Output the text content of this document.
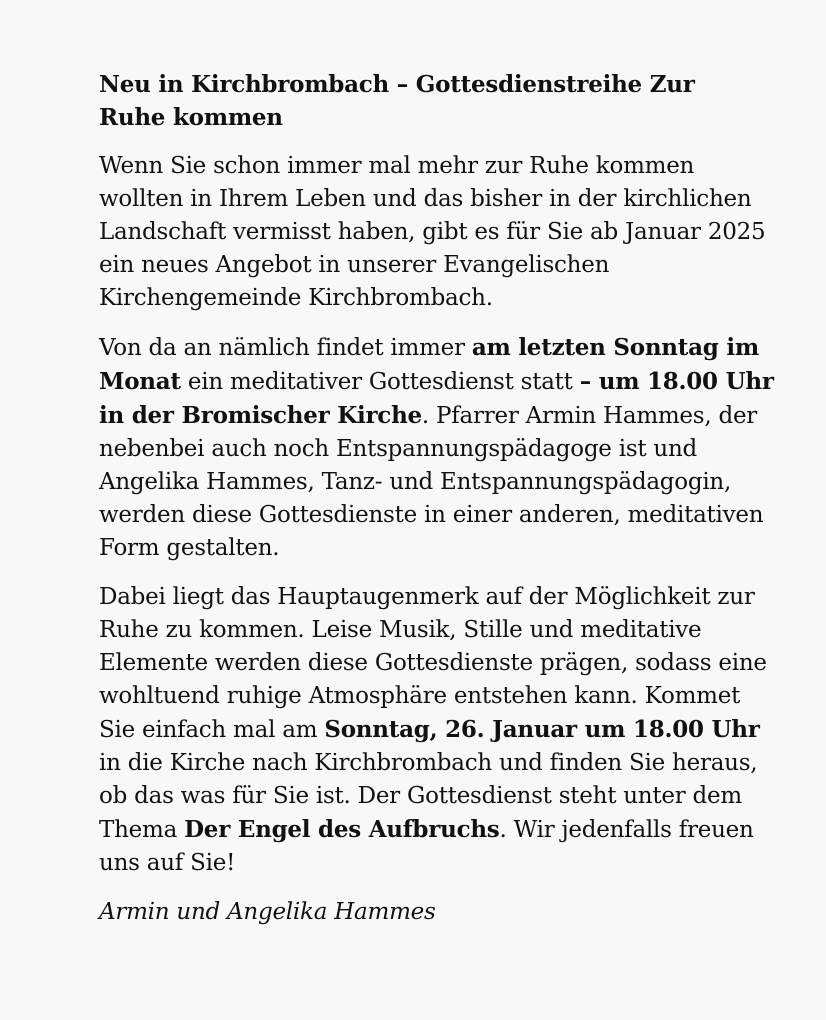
Neu in Kirchbrombach – Gottesdienstreihe Zur Ruhe kommen

Wenn Sie schon immer mal mehr zur Ruhe kommen wollten in Ihrem Leben und das bisher in der kirchlichen Landschaft vermisst haben, gibt es für Sie ab Januar 2025 ein neues Angebot in unserer Evangelischen Kirchengemeinde Kirchbrombach.

Von da an nämlich findet immer am letzten Sonntag im Monat ein meditativer Gottesdienst statt – um 18.00 Uhr in der Bromischer Kirche. Pfarrer Armin Hammes, der nebenbei auch noch Entspannungspädagoge ist und Angelika Hammes, Tanz- und Entspannungspädagogin, werden diese Gottesdienste in einer anderen, meditativen Form gestalten.

Dabei liegt das Hauptaugenmerk auf der Möglichkeit zur Ruhe zu kommen. Leise Musik, Stille und meditative Elemente werden diese Gottesdienste prägen, sodass eine wohltuend ruhige Atmosphäre entstehen kann. Kommet Sie einfach mal am Sonntag, 26. Januar um 18.00 Uhr in die Kirche nach Kirchbrombach und finden Sie heraus, ob das was für Sie ist. Der Gottesdienst steht unter dem Thema Der Engel des Aufbruchs. Wir jedenfalls freuen uns auf Sie!

Armin und Angelika Hammes
